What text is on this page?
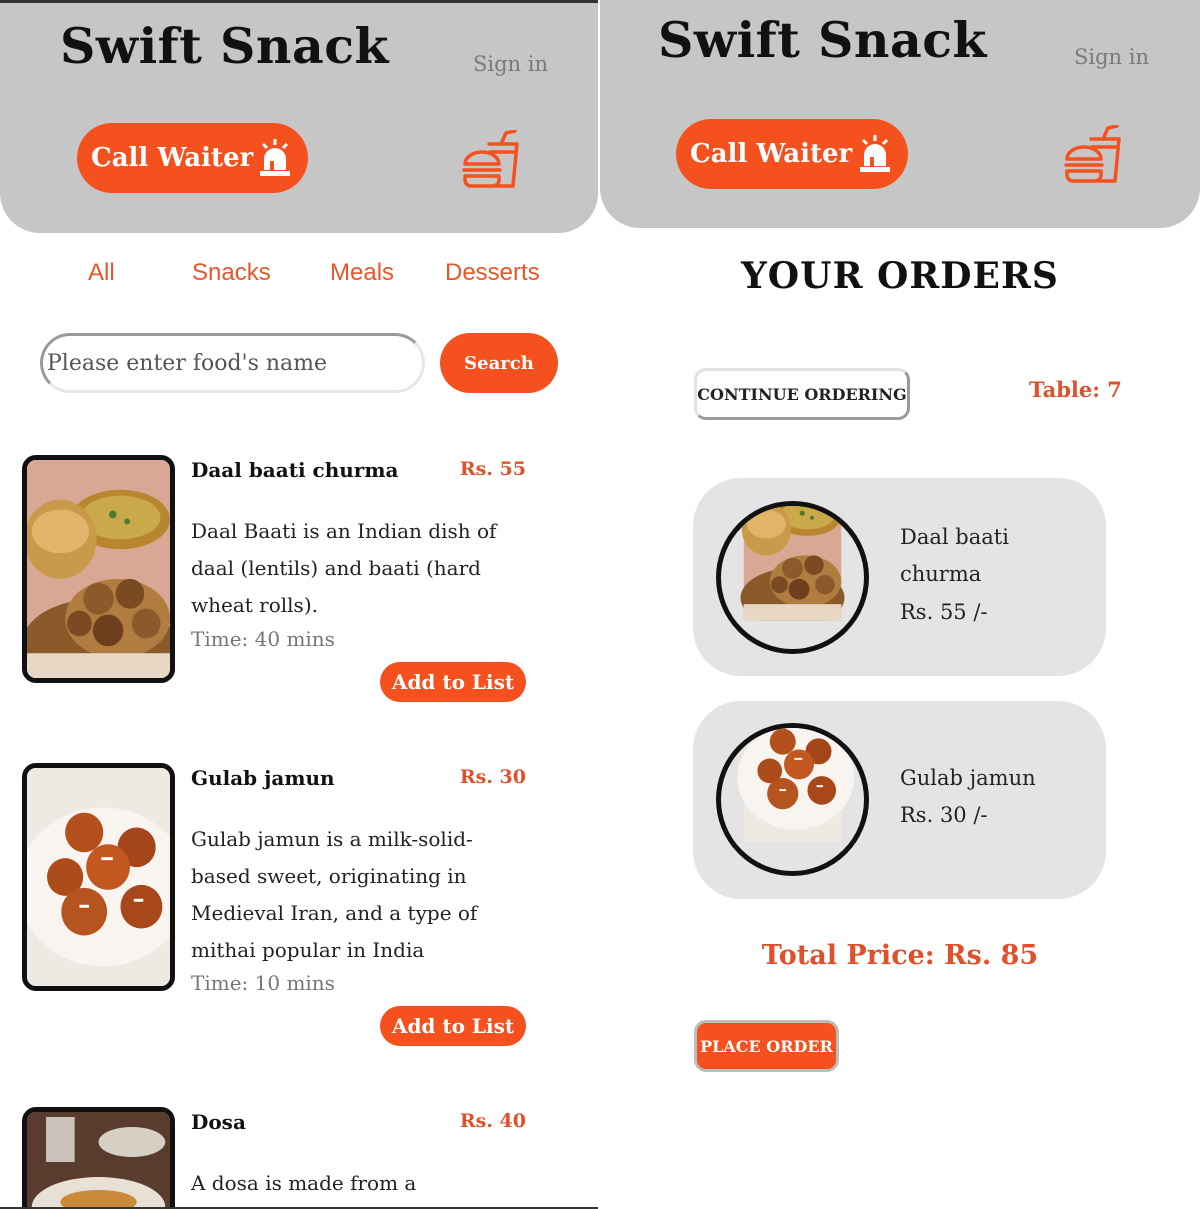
Swift Snack	Sign in
Call Waiter
All	Snacks Meals Desserts
Please enter food's name
Search
Daal baati churma	Rs. 55
Daal Baati is an Indian dish of daal (lentils) and baati (hard wheat rolls).
Time: 40 mins
Add to List
Gulab jamun	Rs. 30
Gulab jamun is a milk-solid-based sweet, originating in Medieval Iran, and a type of mithai popular in India
Time: 10 mins
Add to List
Dosa	Rs. 40
A dosa is made from a
Swift Snack	Sign in
Call Waiter
YOUR ORDERS
CONTINUE ORDERING	Table: 7
Daal baati churma
Rs. 55 /-
Gulab jamun
Rs. 30 /-
Total Price: Rs. 85
PLACE ORDER
